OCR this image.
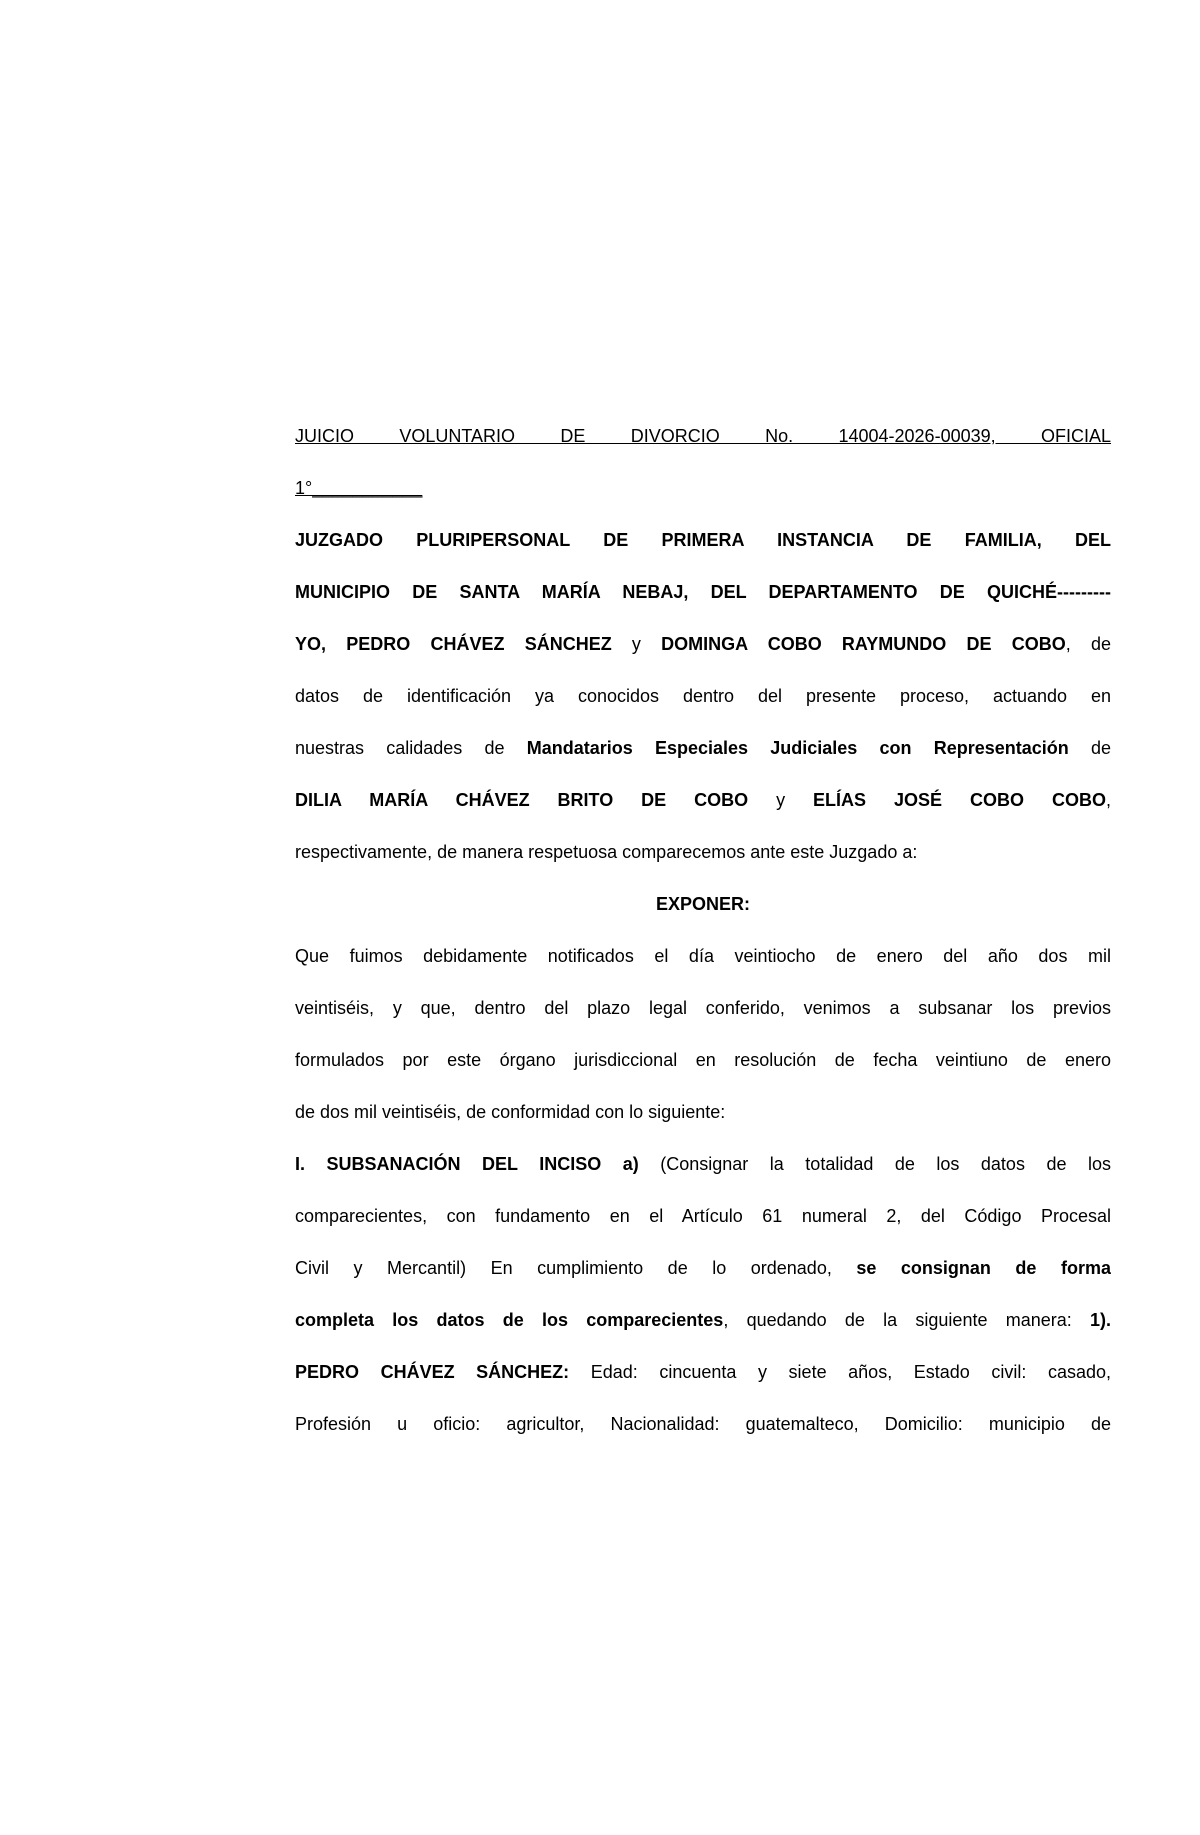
JUICIO VOLUNTARIO DE DIVORCIO No. 14004-2026-00039, OFICIAL
1°___________
JUZGADO PLURIPERSONAL DE PRIMERA INSTANCIA DE FAMILIA, DEL
MUNICIPIO DE SANTA MARÍA NEBAJ, DEL DEPARTAMENTO DE QUICHÉ---------
YO, PEDRO CHÁVEZ SÁNCHEZ y DOMINGA COBO RAYMUNDO DE COBO, de
datos de identificación ya conocidos dentro del presente proceso, actuando en
nuestras calidades de Mandatarios Especiales Judiciales con Representación de
DILIA MARÍA CHÁVEZ BRITO DE COBO y ELÍAS JOSÉ COBO COBO,
respectivamente, de manera respetuosa comparecemos ante este Juzgado a:
EXPONER:
Que fuimos debidamente notificados el día veintiocho de enero del año dos mil
veintiséis, y que, dentro del plazo legal conferido, venimos a subsanar los previos
formulados por este órgano jurisdiccional en resolución de fecha veintiuno de enero
de dos mil veintiséis, de conformidad con lo siguiente:
I. SUBSANACIÓN DEL INCISO a) (Consignar la totalidad de los datos de los
comparecientes, con fundamento en el Artículo 61 numeral 2, del Código Procesal
Civil y Mercantil) En cumplimiento de lo ordenado, se consignan de forma
completa los datos de los comparecientes, quedando de la siguiente manera: 1).
PEDRO CHÁVEZ SÁNCHEZ: Edad: cincuenta y siete años, Estado civil: casado,
Profesión u oficio: agricultor, Nacionalidad: guatemalteco, Domicilio: municipio de
